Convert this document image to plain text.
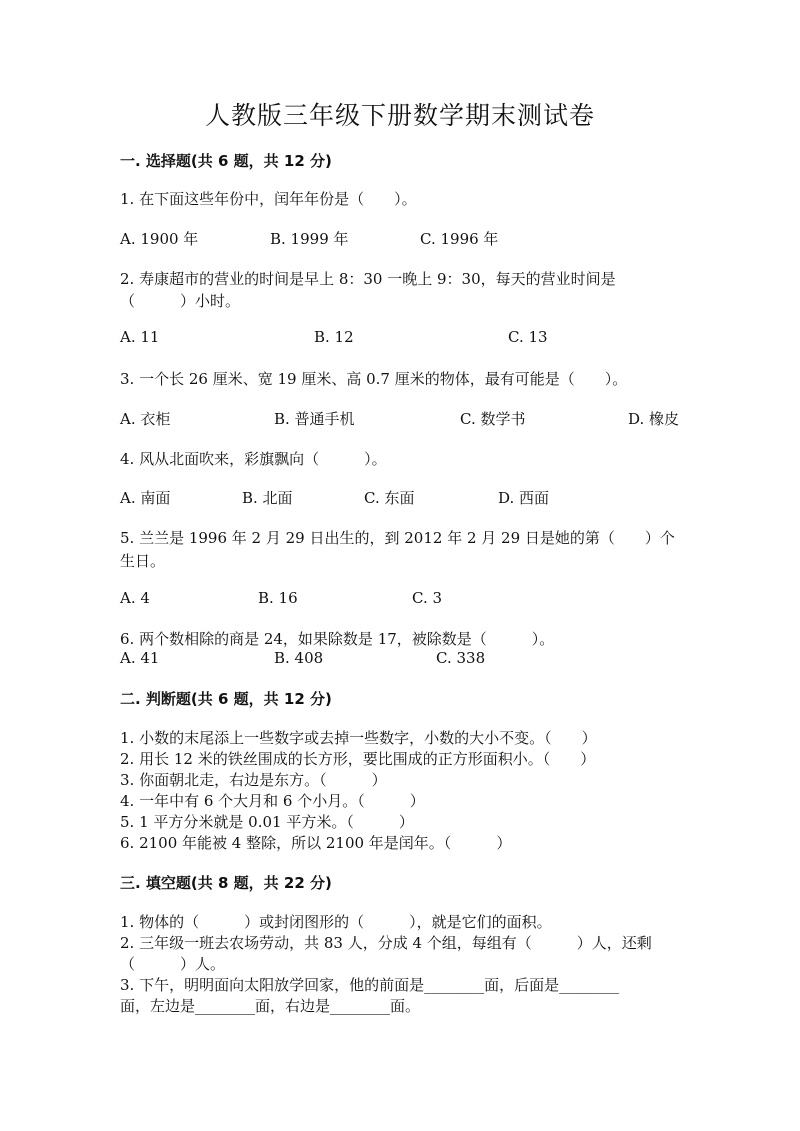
人教版三年级下册数学期末测试卷
一. 选择题(共 6 题，共 12 分)
1. 在下面这些年份中，闰年年份是（　　）。
A. 1900 年	B. 1999 年	C. 1996 年
2. 寿康超市的营业的时间是早上 8：30 一晚上 9：30，每天的营业时间是
（　　　）小时。
A. 11	B. 12	C. 13
3. 一个长 26 厘米、宽 19 厘米、高 0.7 厘米的物体，最有可能是（　　）。
A. 衣柜	B. 普通手机	C. 数学书	D. 橡皮
4. 风从北面吹来，彩旗飘向（　　　）。
A. 南面	B. 北面	C. 东面	D. 西面
5. 兰兰是 1996 年 2 月 29 日出生的，到 2012 年 2 月 29 日是她的第（　　）个
生日。
A. 4	B. 16	C. 3
6. 两个数相除的商是 24，如果除数是 17，被除数是（　　　）。
A. 41	B. 408	C. 338
二. 判断题(共 6 题，共 12 分)
1. 小数的末尾添上一些数字或去掉一些数字，小数的大小不变。（　　）
2. 用长 12 米的铁丝围成的长方形，要比围成的正方形面积小。（　　）
3. 你面朝北走，右边是东方。（　　　）
4. 一年中有 6 个大月和 6 个小月。（　　　）
5. 1 平方分米就是 0.01 平方米。（　　　）
6. 2100 年能被 4 整除，所以 2100 年是闰年。（　　　）
三. 填空题(共 8 题，共 22 分)
1. 物体的（　　　）或封闭图形的（　　　），就是它们的面积。
2. 三年级一班去农场劳动，共 83 人，分成 4 个组，每组有（　　　）人，还剩
（　　　）人。
3. 下午，明明面向太阳放学回家，他的前面是________面，后面是________
面，左边是________面，右边是________面。
